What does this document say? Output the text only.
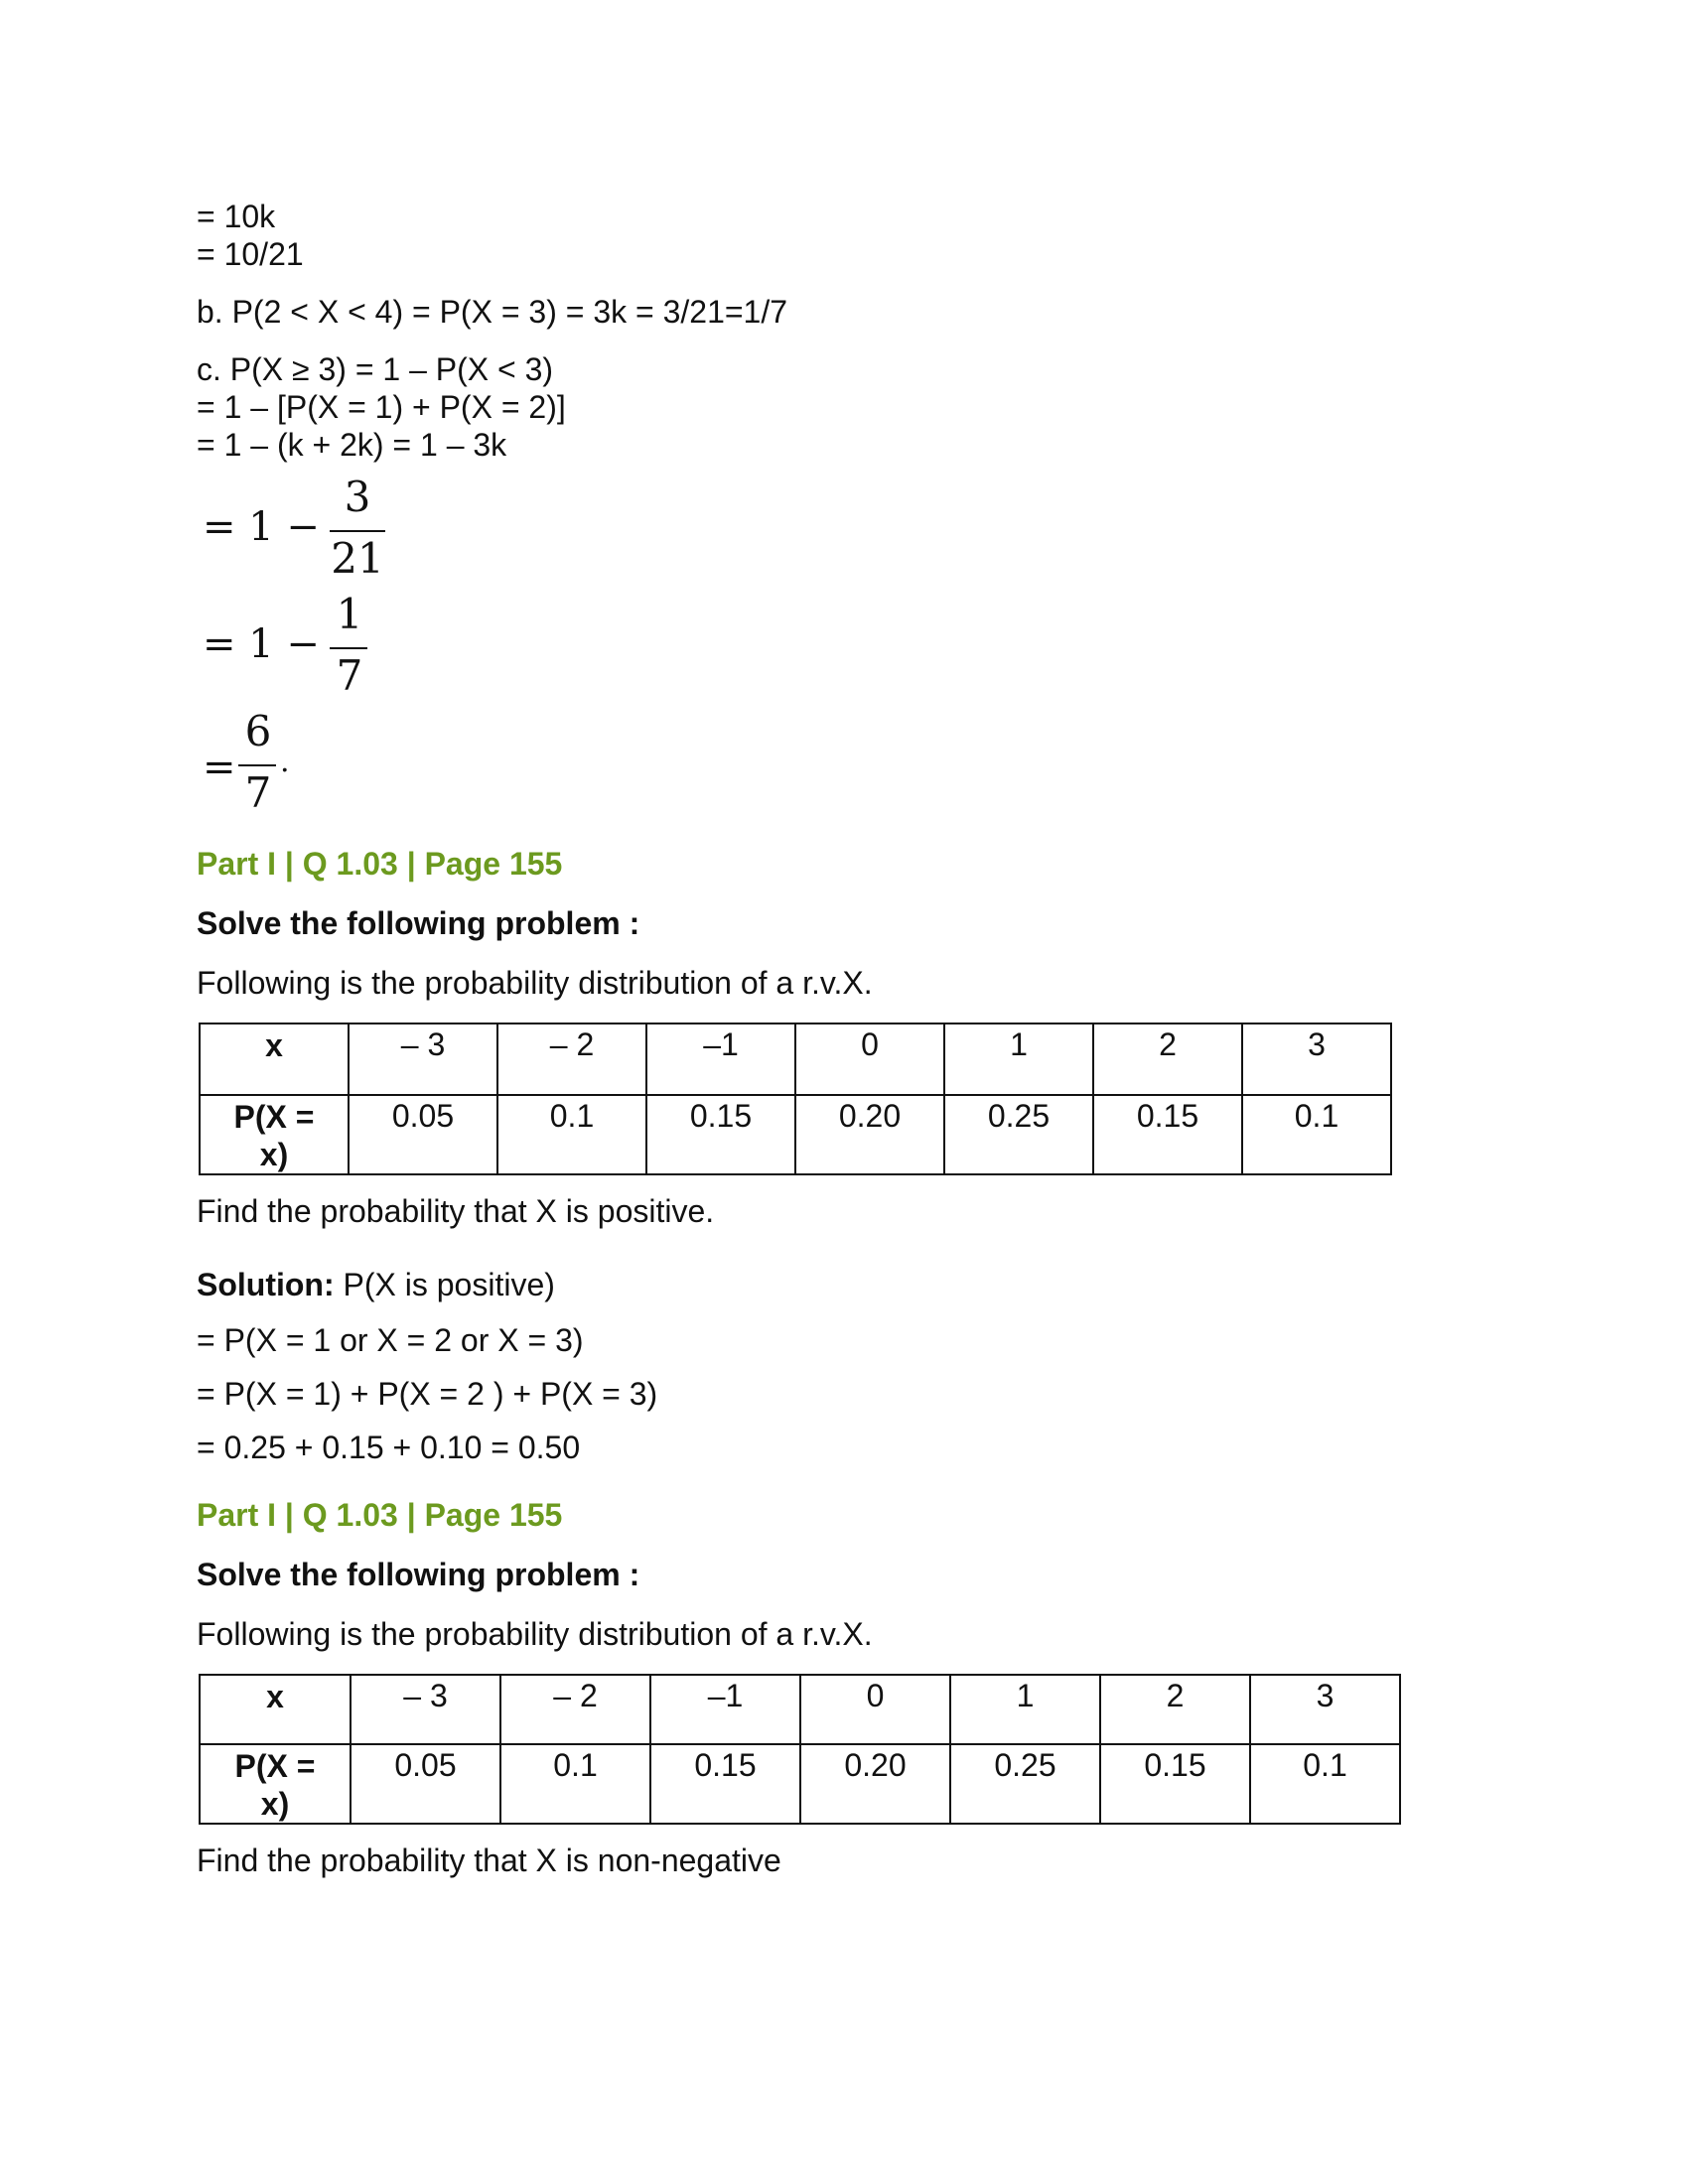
= 10k
= 10/21
b. P(2 < X < 4) = P(X = 3) = 3k = 3/21=1/7
c. P(X ≥ 3) = 1 – P(X < 3)
= 1 – [P(X = 1) + P(X = 2)]
= 1 – (k + 2k) = 1 – 3k
= 1 −
3
21
= 1 −
1
7
=
6
7
.
Part I | Q 1.03 | Page 155
Solve the following problem :
Following is the probability distribution of a r.v.X.
x	– 3	– 2	–1	0	1	2	3
P(X = x)	0.05	0.1	0.15	0.20	0.25	0.15	0.1
Find the probability that X is positive.
Solution: P(X is positive)
= P(X = 1 or X = 2 or X = 3)
= P(X = 1) + P(X = 2 ) + P(X = 3)
= 0.25 + 0.15 + 0.10 = 0.50
Part I | Q 1.03 | Page 155
Solve the following problem :
Following is the probability distribution of a r.v.X.
x	– 3	– 2	–1	0	1	2	3
P(X = x)	0.05	0.1	0.15	0.20	0.25	0.15	0.1
Find the probability that X is non-negative
